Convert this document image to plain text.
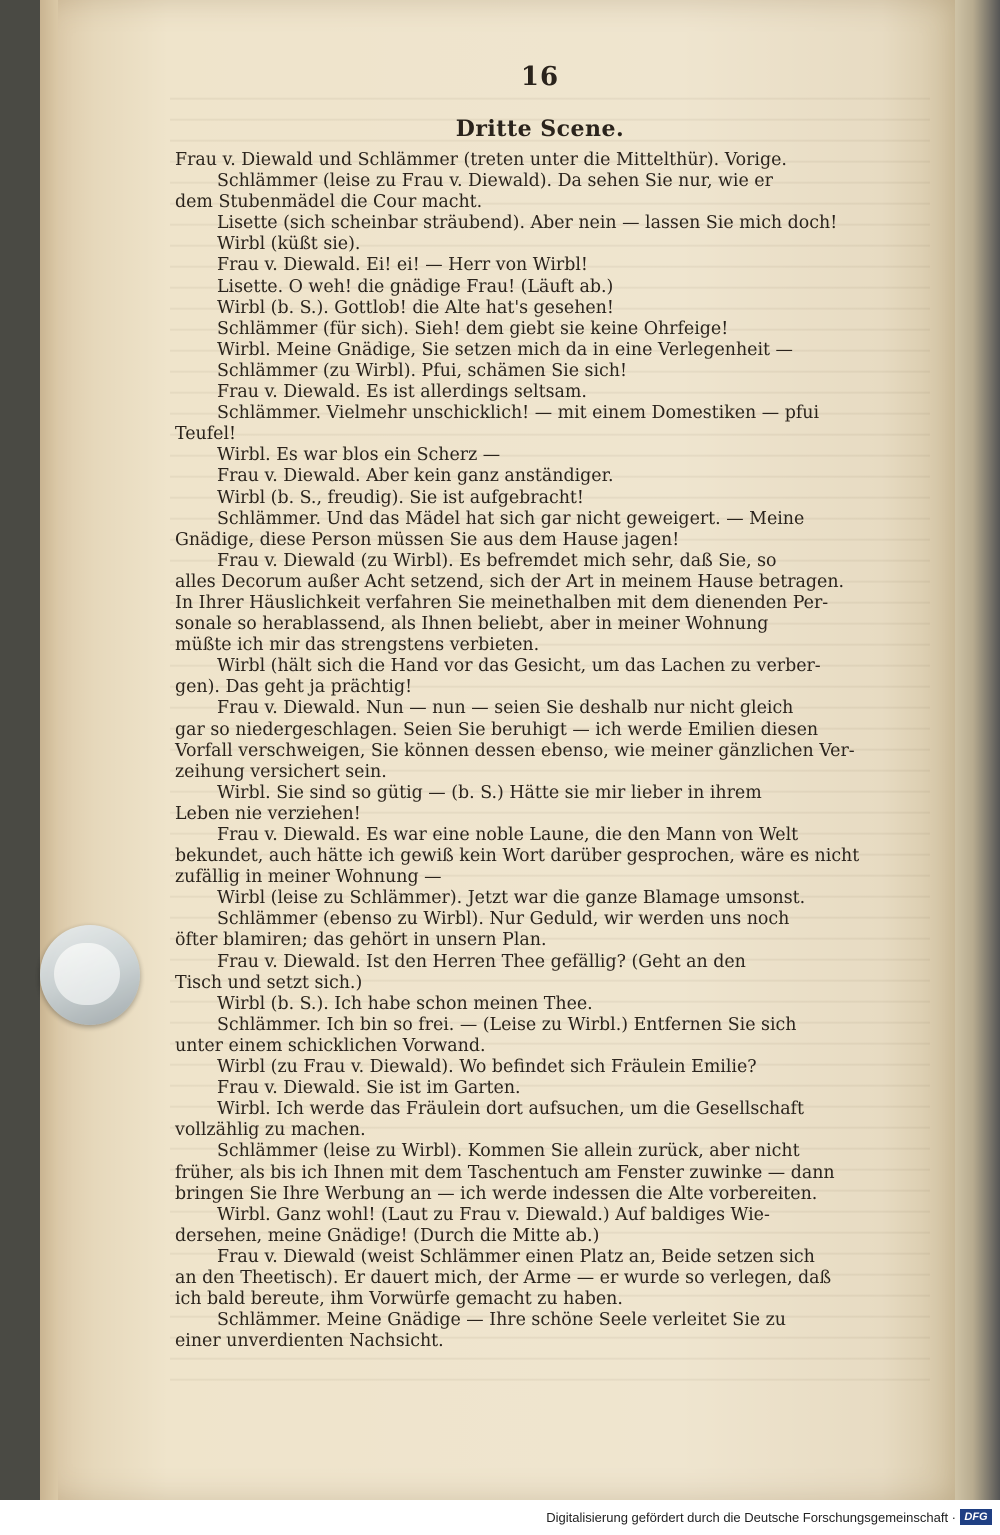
16
Dritte Scene.
Frau v. Diewald und Schlämmer (treten unter die Mittelthür). Vorige.
Schlämmer (leise zu Frau v. Diewald). Da sehen Sie nur, wie er
dem Stubenmädel die Cour macht.
Lisette (sich scheinbar sträubend). Aber nein — lassen Sie mich doch!
Wirbl (küßt sie).
Frau v. Diewald. Ei! ei! — Herr von Wirbl!
Lisette. O weh! die gnädige Frau! (Läuft ab.)
Wirbl (b. S.). Gottlob! die Alte hat's gesehen!
Schlämmer (für sich). Sieh! dem giebt sie keine Ohrfeige!
Wirbl. Meine Gnädige, Sie setzen mich da in eine Verlegenheit —
Schlämmer (zu Wirbl). Pfui, schämen Sie sich!
Frau v. Diewald. Es ist allerdings seltsam.
Schlämmer. Vielmehr unschicklich! — mit einem Domestiken — pfui
Teufel!
Wirbl. Es war blos ein Scherz —
Frau v. Diewald. Aber kein ganz anständiger.
Wirbl (b. S., freudig). Sie ist aufgebracht!
Schlämmer. Und das Mädel hat sich gar nicht geweigert. — Meine
Gnädige, diese Person müssen Sie aus dem Hause jagen!
Frau v. Diewald (zu Wirbl). Es befremdet mich sehr, daß Sie, so
alles Decorum außer Acht setzend, sich der Art in meinem Hause betragen.
In Ihrer Häuslichkeit verfahren Sie meinethalben mit dem dienenden Per-
sonale so herablassend, als Ihnen beliebt, aber in meiner Wohnung
müßte ich mir das strengstens verbieten.
Wirbl (hält sich die Hand vor das Gesicht, um das Lachen zu verber-
gen). Das geht ja prächtig!
Frau v. Diewald. Nun — nun — seien Sie deshalb nur nicht gleich
gar so niedergeschlagen. Seien Sie beruhigt — ich werde Emilien diesen
Vorfall verschweigen, Sie können dessen ebenso, wie meiner gänzlichen Ver-
zeihung versichert sein.
Wirbl. Sie sind so gütig — (b. S.) Hätte sie mir lieber in ihrem
Leben nie verziehen!
Frau v. Diewald. Es war eine noble Laune, die den Mann von Welt
bekundet, auch hätte ich gewiß kein Wort darüber gesprochen, wäre es nicht
zufällig in meiner Wohnung —
Wirbl (leise zu Schlämmer). Jetzt war die ganze Blamage umsonst.
Schlämmer (ebenso zu Wirbl). Nur Geduld, wir werden uns noch
öfter blamiren; das gehört in unsern Plan.
Frau v. Diewald. Ist den Herren Thee gefällig? (Geht an den
Tisch und setzt sich.)
Wirbl (b. S.). Ich habe schon meinen Thee.
Schlämmer. Ich bin so frei. — (Leise zu Wirbl.) Entfernen Sie sich
unter einem schicklichen Vorwand.
Wirbl (zu Frau v. Diewald). Wo befindet sich Fräulein Emilie?
Frau v. Diewald. Sie ist im Garten.
Wirbl. Ich werde das Fräulein dort aufsuchen, um die Gesellschaft
vollzählig zu machen.
Schlämmer (leise zu Wirbl). Kommen Sie allein zurück, aber nicht
früher, als bis ich Ihnen mit dem Taschentuch am Fenster zuwinke — dann
bringen Sie Ihre Werbung an — ich werde indessen die Alte vorbereiten.
Wirbl. Ganz wohl! (Laut zu Frau v. Diewald.) Auf baldiges Wie-
dersehen, meine Gnädige! (Durch die Mitte ab.)
Frau v. Diewald (weist Schlämmer einen Platz an, Beide setzen sich
an den Theetisch). Er dauert mich, der Arme — er wurde so verlegen, daß
ich bald bereute, ihm Vorwürfe gemacht zu haben.
Schlämmer. Meine Gnädige — Ihre schöne Seele verleitet Sie zu
einer unverdienten Nachsicht.
Digitalisierung gefördert durch die Deutsche Forschungsgemeinschaft · DFG
